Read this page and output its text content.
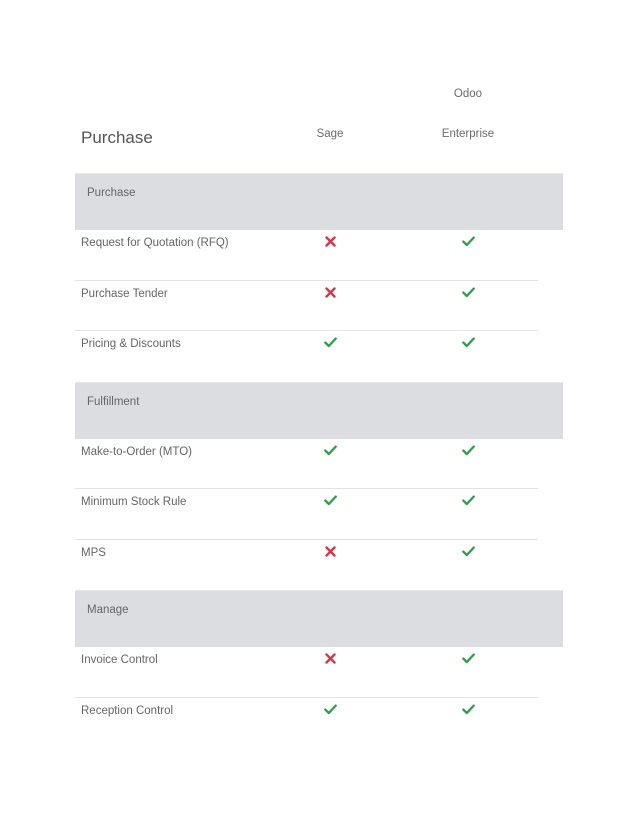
Odoo
Purchase	Sage	Enterprise
Purchase
Request for Quotation (RFQ)
Purchase Tender
Pricing & Discounts
Fulfillment
Make-to-Order (MTO)
Minimum Stock Rule
MPS
Manage
Invoice Control
Reception Control
